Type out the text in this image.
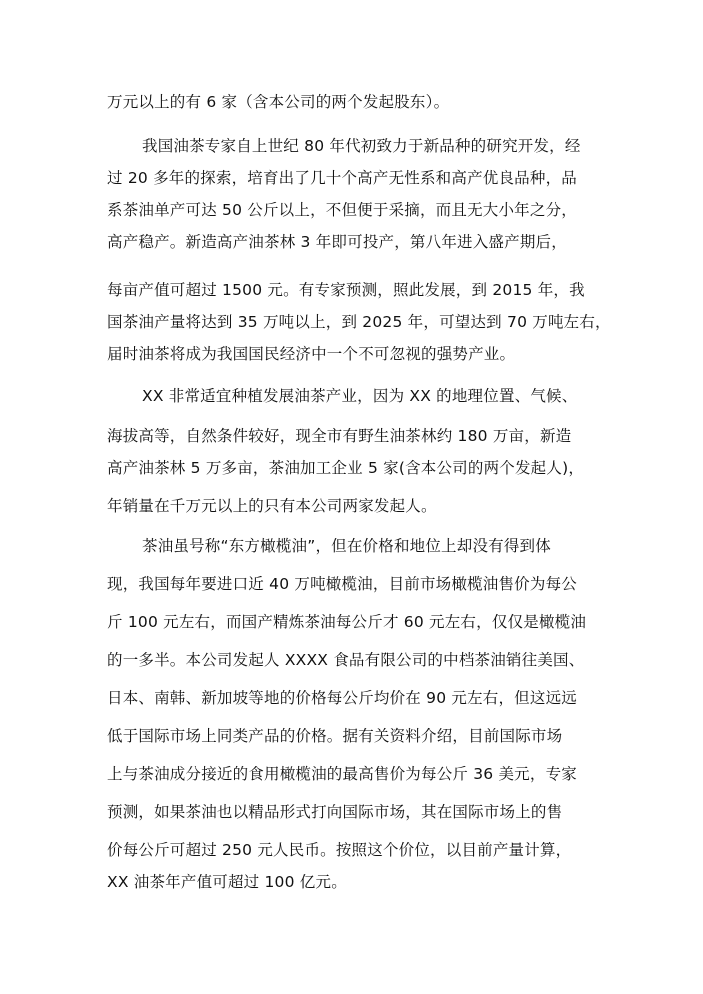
万元以上的有 6 家（含本公司的两个发起股东）。
我国油茶专家自上世纪 80 年代初致力于新品种的研究开发，经
过 20 多年的探索，培育出了几十个高产无性系和高产优良品种，品
系茶油单产可达 50 公斤以上，不但便于采摘，而且无大小年之分，
高产稳产。新造高产油茶林 3 年即可投产，第八年进入盛产期后，
每亩产值可超过 1500 元。有专家预测，照此发展，到 2015 年，我
国茶油产量将达到 35 万吨以上，到 2025 年，可望达到 70 万吨左右，
届时油茶将成为我国国民经济中一个不可忽视的强势产业。
XX 非常适宜种植发展油茶产业，因为 XX 的地理位置、气候、
海拔高等，自然条件较好，现全市有野生油茶林约 180 万亩，新造
高产油茶林 5 万多亩，茶油加工企业 5 家(含本公司的两个发起人)，
年销量在千万元以上的只有本公司两家发起人。
茶油虽号称“东方橄榄油”，但在价格和地位上却没有得到体
现，我国每年要进口近 40 万吨橄榄油，目前市场橄榄油售价为每公
斤 100 元左右，而国产精炼茶油每公斤才 60 元左右，仅仅是橄榄油
的一多半。本公司发起人 XXXX 食品有限公司的中档茶油销往美国、
日本、南韩、新加坡等地的价格每公斤均价在 90 元左右，但这远远
低于国际市场上同类产品的价格。据有关资料介绍，目前国际市场
上与茶油成分接近的食用橄榄油的最高售价为每公斤 36 美元，专家
预测，如果茶油也以精品形式打向国际市场，其在国际市场上的售
价每公斤可超过 250 元人民币。按照这个价位，以目前产量计算，
XX 油茶年产值可超过 100 亿元。
